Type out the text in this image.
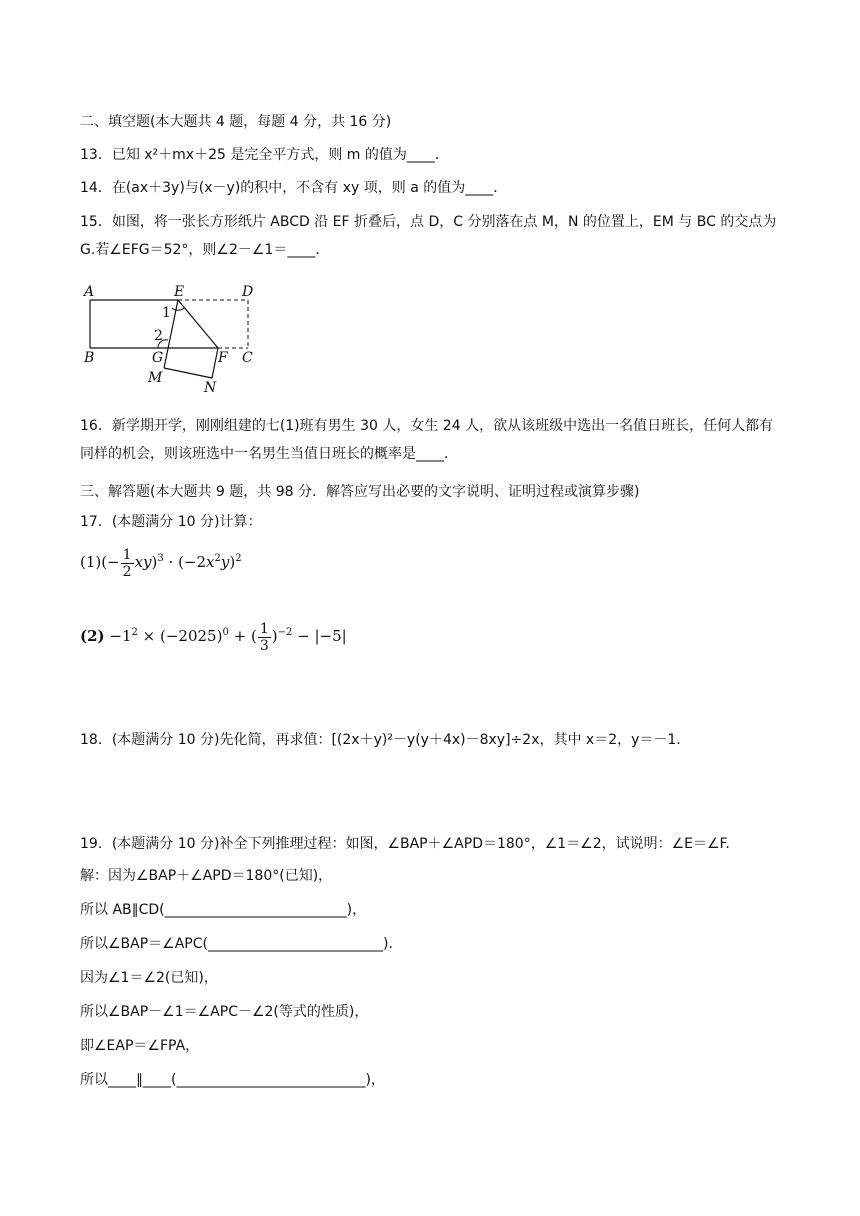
二、填空题(本大题共 4 题，每题 4 分，共 16 分)
13．已知 x²＋mx＋25 是完全平方式，则 m 的值为____．
14．在(ax＋3y)与(x－y)的积中，不含有 xy 项，则 a 的值为____．
15．如图，将一张长方形纸片 ABCD 沿 EF 折叠后，点 D，C 分别落在点 M，N 的位置上，EM 与 BC 的交点为 G.若∠EFG＝52°，则∠2－∠1＝____．
A	E	D
1
2
B	G	F C
M
N
16．新学期开学，刚刚组建的七(1)班有男生 30 人，女生 24 人，欲从该班级中选出一名值日班长，任何人都有同样的机会，则该班选中一名男生当值日班长的概率是____．
三、解答题(本大题共 9 题，共 98 分．解答应写出必要的文字说明、证明过程或演算步骤)
17．(本题满分 10 分)计算：
$(1)(- \frac{1}{2} xy)^3 \cdot (-2x^2y)^2$
$(2) -1^2 \times (-2025)^0$ + ( $\frac{1}{3} )^{-2} - |-5|$
18．(本题满分 10 分)先化简，再求值：[(2x＋y)²－y(y＋4x)－8xy]÷2x，其中 x＝2，y＝－1.
19．(本题满分 10 分)补全下列推理过程：如图，∠BAP＋∠APD＝180°，∠1＝∠2，试说明：∠E＝∠F.
解：因为∠BAP＋∠APD＝180°(已知)，
所以 AB∥CD(__________________________)，
所以∠BAP＝∠APC(_________________________).
因为∠1＝∠2(已知)，
所以∠BAP－∠1＝∠APC－∠2(等式的性质)，
即∠EAP＝∠FPA，
所以____∥____(___________________________)，
